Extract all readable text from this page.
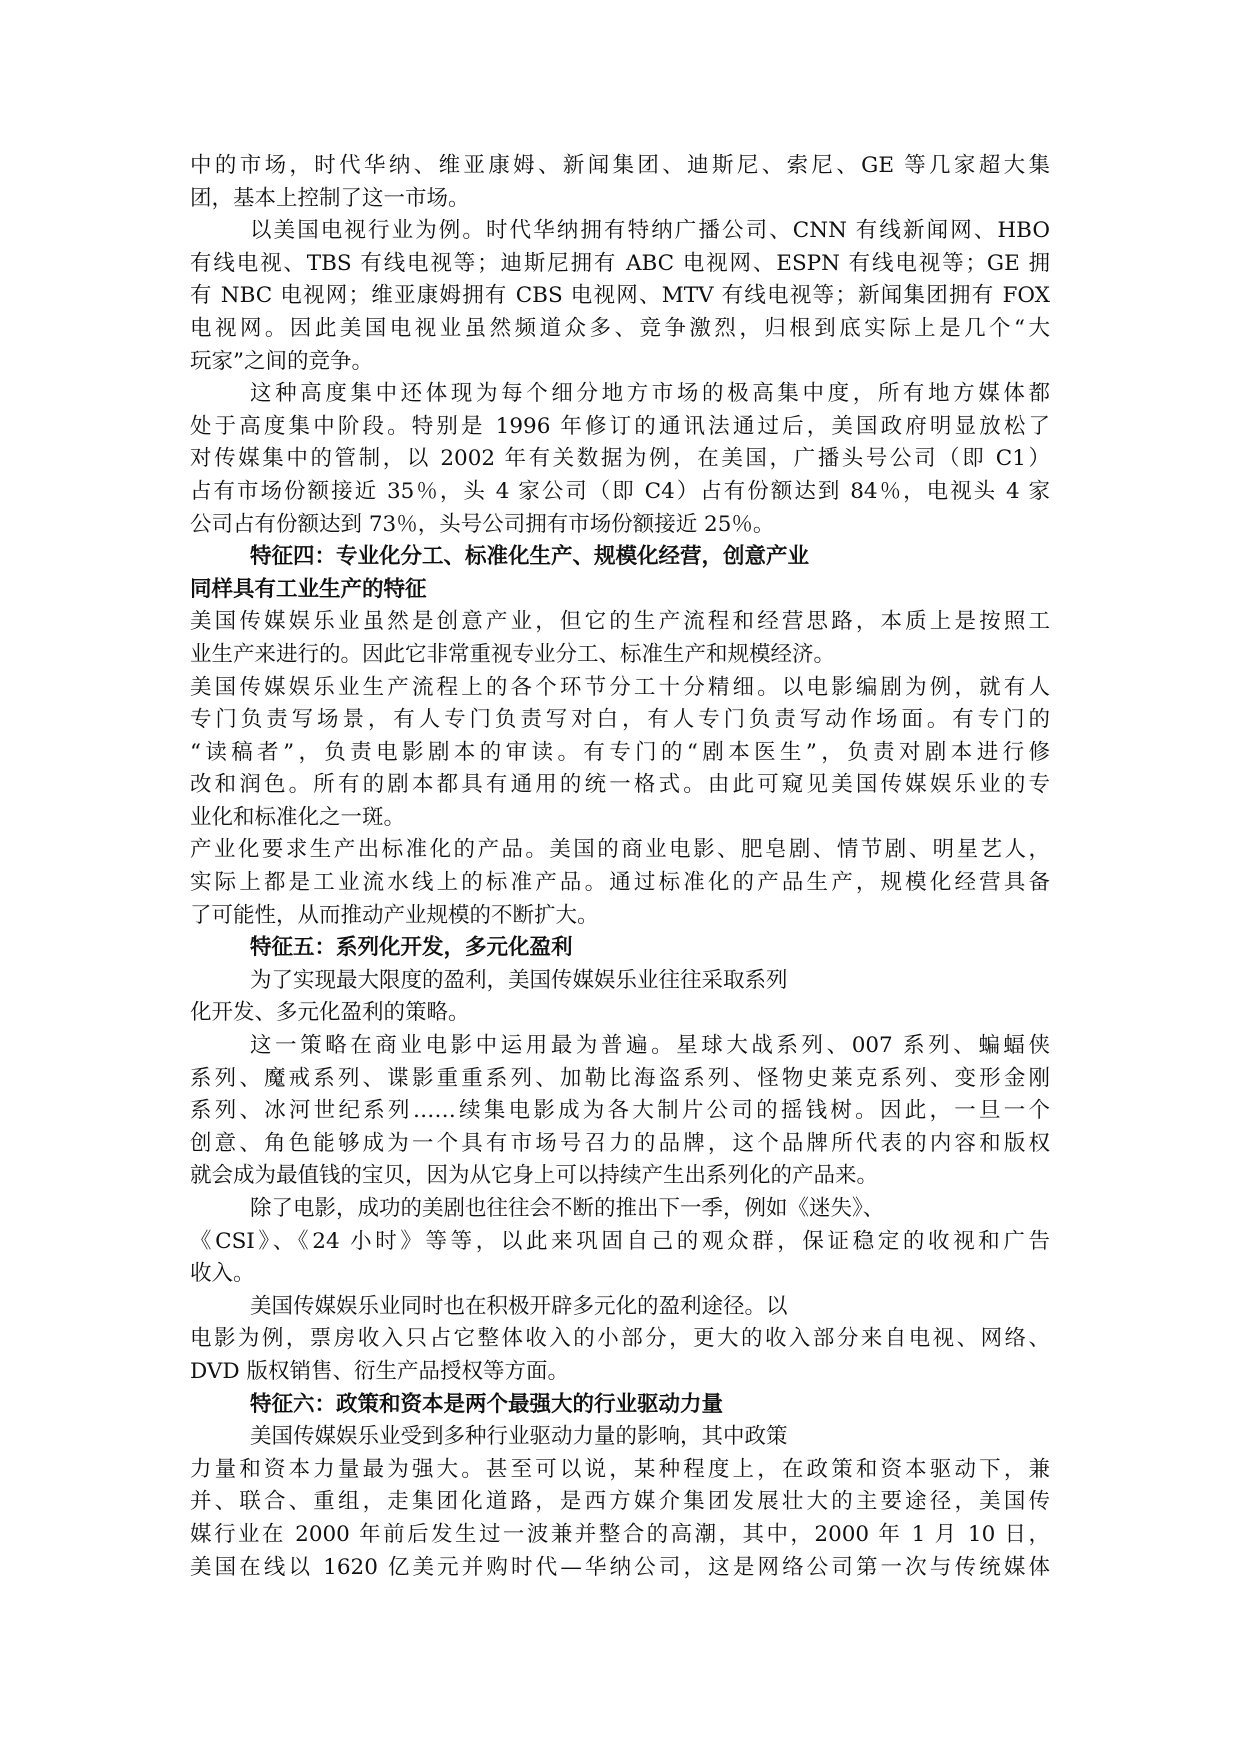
中的市场，时代华纳、维亚康姆、新闻集团、迪斯尼、索尼、GE 等几家超大集
团，基本上控制了这一市场。
以美国电视行业为例。时代华纳拥有特纳广播公司、CNN 有线新闻网、HBO
有线电视、TBS 有线电视等；迪斯尼拥有 ABC 电视网、ESPN 有线电视等；GE 拥
有 NBC 电视网；维亚康姆拥有 CBS 电视网、MTV 有线电视等；新闻集团拥有 FOX
电视网。因此美国电视业虽然频道众多、竞争激烈，归根到底实际上是几个“大
玩家”之间的竞争。
这种高度集中还体现为每个细分地方市场的极高集中度，所有地方媒体都
处于高度集中阶段。特别是 1996 年修订的通讯法通过后，美国政府明显放松了
对传媒集中的管制，以 2002 年有关数据为例，在美国，广播头号公司（即 C1）
占有市场份额接近 35％，头 4 家公司（即 C4）占有份额达到 84％，电视头 4 家
公司占有份额达到 73％，头号公司拥有市场份额接近 25％。
特征四：专业化分工、标准化生产、规模化经营，创意产业
同样具有工业生产的特征
美国传媒娱乐业虽然是创意产业，但它的生产流程和经营思路，本质上是按照工
业生产来进行的。因此它非常重视专业分工、标准生产和规模经济。
美国传媒娱乐业生产流程上的各个环节分工十分精细。以电影编剧为例，就有人
专门负责写场景，有人专门负责写对白，有人专门负责写动作场面。有专门的
“读稿者”，负责电影剧本的审读。有专门的“剧本医生”，负责对剧本进行修
改和润色。所有的剧本都具有通用的统一格式。由此可窥见美国传媒娱乐业的专
业化和标准化之一斑。
产业化要求生产出标准化的产品。美国的商业电影、肥皂剧、情节剧、明星艺人，
实际上都是工业流水线上的标准产品。通过标准化的产品生产，规模化经营具备
了可能性，从而推动产业规模的不断扩大。
特征五：系列化开发，多元化盈利
为了实现最大限度的盈利，美国传媒娱乐业往往采取系列
化开发、多元化盈利的策略。
这一策略在商业电影中运用最为普遍。星球大战系列、007 系列、蝙蝠侠
系列、魔戒系列、谍影重重系列、加勒比海盗系列、怪物史莱克系列、变形金刚
系列、冰河世纪系列……续集电影成为各大制片公司的摇钱树。因此，一旦一个
创意、角色能够成为一个具有市场号召力的品牌，这个品牌所代表的内容和版权
就会成为最值钱的宝贝，因为从它身上可以持续产生出系列化的产品来。
除了电影，成功的美剧也往往会不断的推出下一季，例如《迷失》、
《CSI》、《24 小时》等等，以此来巩固自己的观众群，保证稳定的收视和广告
收入。
美国传媒娱乐业同时也在积极开辟多元化的盈利途径。以
电影为例，票房收入只占它整体收入的小部分，更大的收入部分来自电视、网络、
DVD 版权销售、衍生产品授权等方面。
特征六：政策和资本是两个最强大的行业驱动力量
美国传媒娱乐业受到多种行业驱动力量的影响，其中政策
力量和资本力量最为强大。甚至可以说，某种程度上，在政策和资本驱动下，兼
并、联合、重组，走集团化道路，是西方媒介集团发展壮大的主要途径，美国传
媒行业在 2000 年前后发生过一波兼并整合的高潮，其中，2000 年 1 月 10 日，
美国在线以 1620 亿美元并购时代—华纳公司，这是网络公司第一次与传统媒体
